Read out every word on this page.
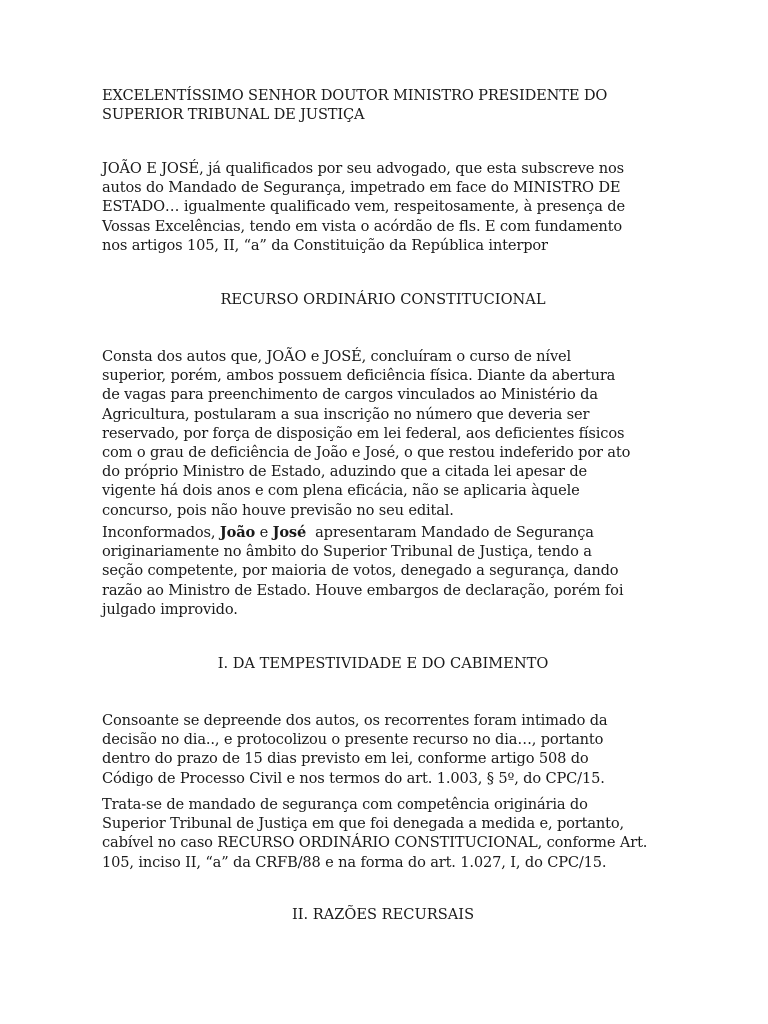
EXCELENTÍSSIMO SENHOR DOUTOR MINISTRO PRESIDENTE DO
SUPERIOR TRIBUNAL DE JUSTIÇA

JOÃO E JOSÉ, já qualificados por seu advogado, que esta subscreve nos
autos do Mandado de Segurança, impetrado em face do MINISTRO DE
ESTADO… igualmente qualificado vem, respeitosamente, à presença de
Vossas Excelências, tendo em vista o acórdão de fls. E com fundamento
nos artigos 105, II, “a” da Constituição da República interpor

RECURSO ORDINÁRIO CONSTITUCIONAL

Consta dos autos que, JOÃO e JOSÉ, concluíram o curso de nível
superior, porém, ambos possuem deficiência física. Diante da abertura
de vagas para preenchimento de cargos vinculados ao Ministério da
Agricultura, postularam a sua inscrição no número que deveria ser
reservado, por força de disposição em lei federal, aos deficientes físicos
com o grau de deficiência de João e José, o que restou indeferido por ato
do próprio Ministro de Estado, aduzindo que a citada lei apesar de
vigente há dois anos e com plena eficácia, não se aplicaria àquele
concurso, pois não houve previsão no seu edital.

Inconformados, João e José  apresentaram Mandado de Segurança
originariamente no âmbito do Superior Tribunal de Justiça, tendo a
seção competente, por maioria de votos, denegado a segurança, dando
razão ao Ministro de Estado. Houve embargos de declaração, porém foi
julgado improvido.

I. DA TEMPESTIVIDADE E DO CABIMENTO

Consoante se depreende dos autos, os recorrentes foram intimado da
decisão no dia.., e protocolizou o presente recurso no dia…, portanto
dentro do prazo de 15 dias previsto em lei, conforme artigo 508 do
Código de Processo Civil e nos termos do art. 1.003, § 5º, do CPC/15.

Trata-se de mandado de segurança com competência originária do
Superior Tribunal de Justiça em que foi denegada a medida e, portanto,
cabível no caso RECURSO ORDINÁRIO CONSTITUCIONAL, conforme Art.
105, inciso II, “a” da CRFB/88 e na forma do art. 1.027, I, do CPC/15.

II. RAZÕES RECURSAIS
